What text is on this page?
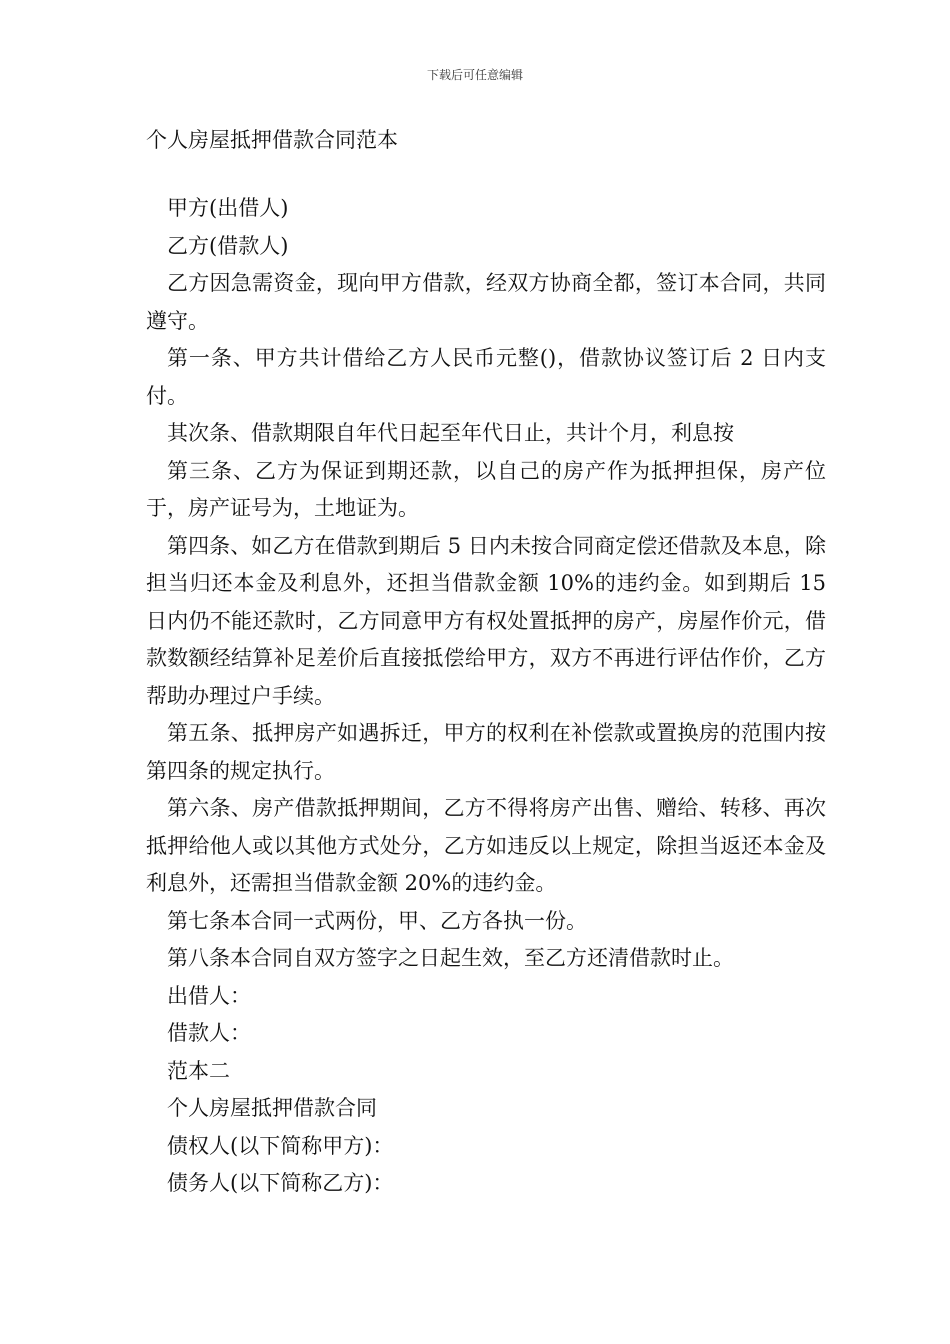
下载后可任意编辑
个人房屋抵押借款合同范本

甲方(出借人)

乙方(借款人)

乙方因急需资金，现向甲方借款，经双方协商全都，签订本合同，共同遵守。

第一条、甲方共计借给乙方人民币元整()，借款协议签订后 2 日内支付。

其次条、借款期限自年代日起至年代日止，共计个月，利息按

第三条、乙方为保证到期还款，以自己的房产作为抵押担保，房产位于，房产证号为，土地证为。

第四条、如乙方在借款到期后 5 日内未按合同商定偿还借款及本息，除担当归还本金及利息外，还担当借款金额 10%的违约金。如到期后 15 日内仍不能还款时，乙方同意甲方有权处置抵押的房产，房屋作价元，借款数额经结算补足差价后直接抵偿给甲方，双方不再进行评估作价，乙方帮助办理过户手续。

第五条、抵押房产如遇拆迁，甲方的权利在补偿款或置换房的范围内按第四条的规定执行。

第六条、房产借款抵押期间，乙方不得将房产出售、赠给、转移、再次抵押给他人或以其他方式处分，乙方如违反以上规定，除担当返还本金及利息外，还需担当借款金额 20%的违约金。

第七条本合同一式两份，甲、乙方各执一份。

第八条本合同自双方签字之日起生效，至乙方还清借款时止。

出借人：

借款人：

范本二

个人房屋抵押借款合同

债权人(以下简称甲方)：

债务人(以下简称乙方)：
